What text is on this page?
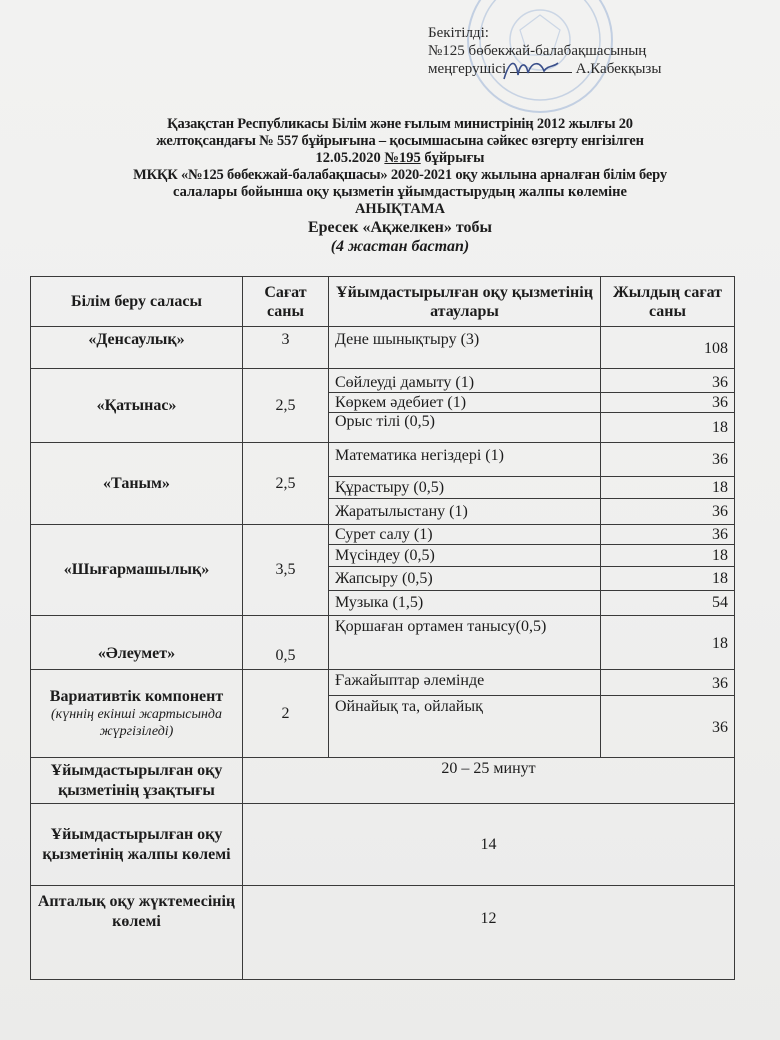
Бекітілді:
№125 бөбекжай-балабақшасының
меңгерушісі	А.Кабекқызы
Қазақстан Республикасы Білім және ғылым министрінің 2012 жылғы 20
желтоқсандағы № 557 бұйрығына – қосымшасына сәйкес өзгерту енгізілген
12.05.2020 №195 бұйрығы
МКҚК «№125 бөбекжай-балабақшасы» 2020-2021 оқу жылына арналған білім беру
салалары бойынша оқу қызметін ұйымдастырудың жалпы көлеміне
АНЫҚТАМА
Ересек «Ақжелкен» тобы
(4 жастан бастап)
Білім беру саласы	Сағат саны	Ұйымдастырылған оқу қызметінің атаулары	Жылдың сағат саны
«Денсаулық»	3	Дене шынықтыру (3)	108
«Қатынас»	2,5	Сөйлеуді дамыту (1)	36
		Көркем әдебиет (1)	36
		Орыс тілі (0,5)	18
«Таным»	2,5	Математика негіздері (1)	36
		Құрастыру (0,5)	18
		Жаратылыстану (1)	36
«Шығармашылық»	3,5	Сурет салу (1)	36
		Мүсіндеу (0,5)	18
		Жапсыру (0,5)	18
		Музыка (1,5)	54
«Әлеумет»	0,5	Қоршаған ортамен танысу(0,5)	18
Вариативтік компонент
(күннің екінші жартысында жүргізіледі)	2	Ғажайыптар әлемінде	36
		Ойнайық та, ойлайық	36
Ұйымдастырылған оқу қызметінің ұзақтығы	20 – 25 минут		
Ұйымдастырылған оқу қызметінің жалпы көлемі	14		
Апталық оқу жүктемесінің көлемі	12		
